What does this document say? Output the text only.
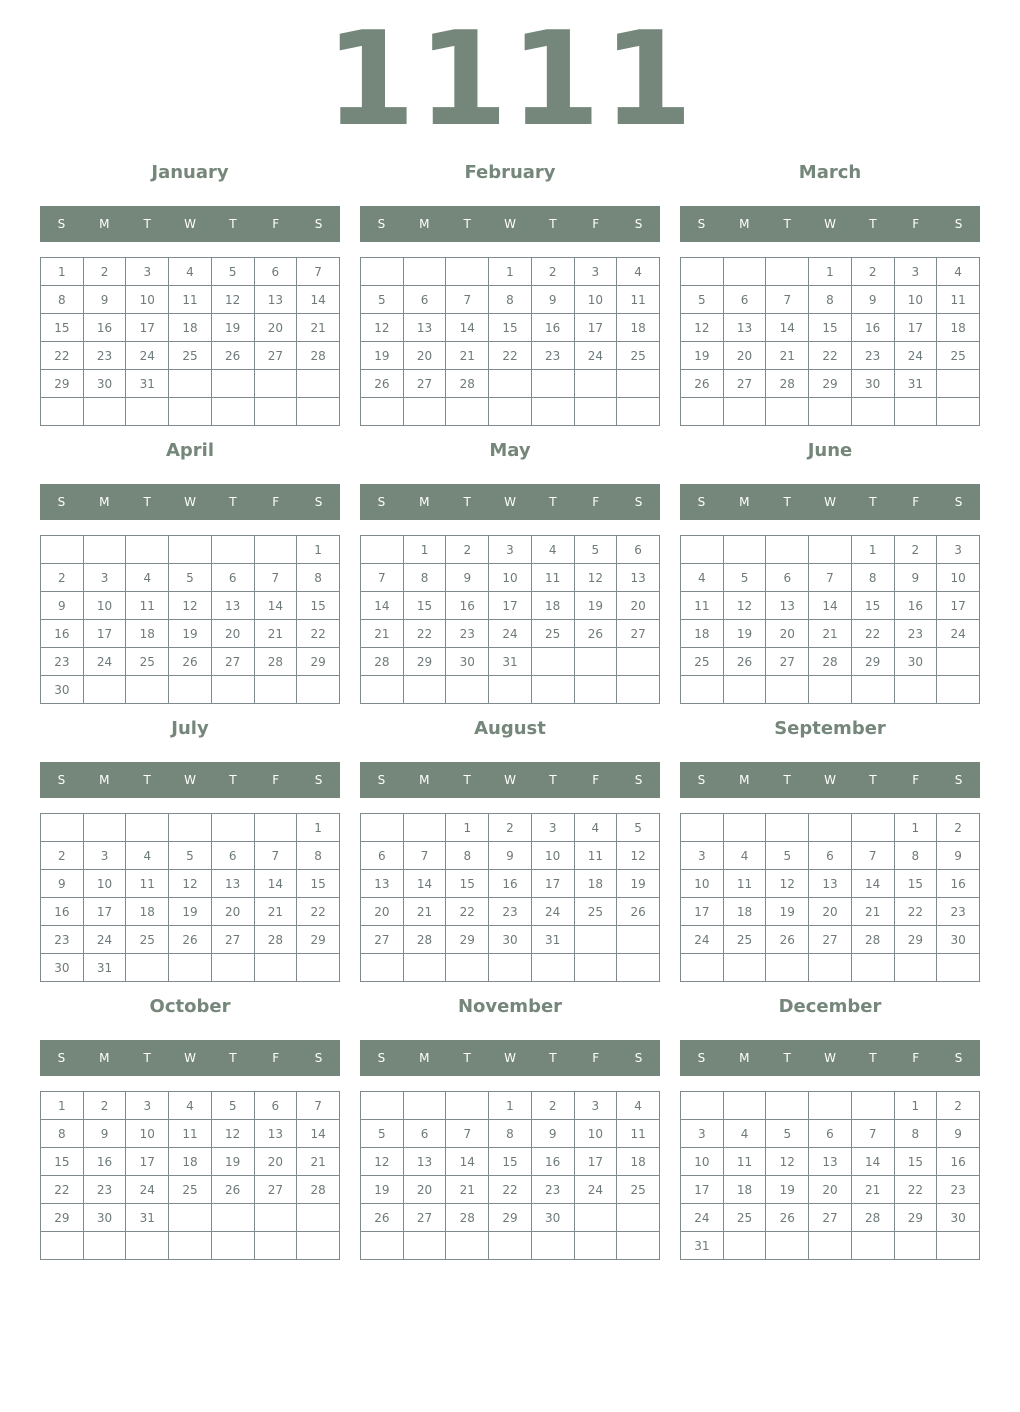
1111
January
S	M	T	W	T	F	S
1	2	3	4	5	6	7
8	9	10	11	12	13	14
15	16	17	18	19	20	21
22	23	24	25	26	27	28
29	30	31				

February
S	M	T	W	T	F	S
			1	2	3	4
5	6	7	8	9	10	11
12	13	14	15	16	17	18
19	20	21	22	23	24	25
26	27	28				

March
S	M	T	W	T	F	S
			1	2	3	4
5	6	7	8	9	10	11
12	13	14	15	16	17	18
19	20	21	22	23	24	25
26	27	28	29	30	31	

April
S	M	T	W	T	F	S
						1
2	3	4	5	6	7	8
9	10	11	12	13	14	15
16	17	18	19	20	21	22
23	24	25	26	27	28	29
30						
May
S	M	T	W	T	F	S
	1	2	3	4	5	6
7	8	9	10	11	12	13
14	15	16	17	18	19	20
21	22	23	24	25	26	27
28	29	30	31			

June
S	M	T	W	T	F	S
				1	2	3
4	5	6	7	8	9	10
11	12	13	14	15	16	17
18	19	20	21	22	23	24
25	26	27	28	29	30	

July
S	M	T	W	T	F	S
						1
2	3	4	5	6	7	8
9	10	11	12	13	14	15
16	17	18	19	20	21	22
23	24	25	26	27	28	29
30	31					
August
S	M	T	W	T	F	S
		1	2	3	4	5
6	7	8	9	10	11	12
13	14	15	16	17	18	19
20	21	22	23	24	25	26
27	28	29	30	31		

September
S	M	T	W	T	F	S
					1	2
3	4	5	6	7	8	9
10	11	12	13	14	15	16
17	18	19	20	21	22	23
24	25	26	27	28	29	30

October
S	M	T	W	T	F	S
1	2	3	4	5	6	7
8	9	10	11	12	13	14
15	16	17	18	19	20	21
22	23	24	25	26	27	28
29	30	31				

November
S	M	T	W	T	F	S
			1	2	3	4
5	6	7	8	9	10	11
12	13	14	15	16	17	18
19	20	21	22	23	24	25
26	27	28	29	30		

December
S	M	T	W	T	F	S
					1	2
3	4	5	6	7	8	9
10	11	12	13	14	15	16
17	18	19	20	21	22	23
24	25	26	27	28	29	30
31						
